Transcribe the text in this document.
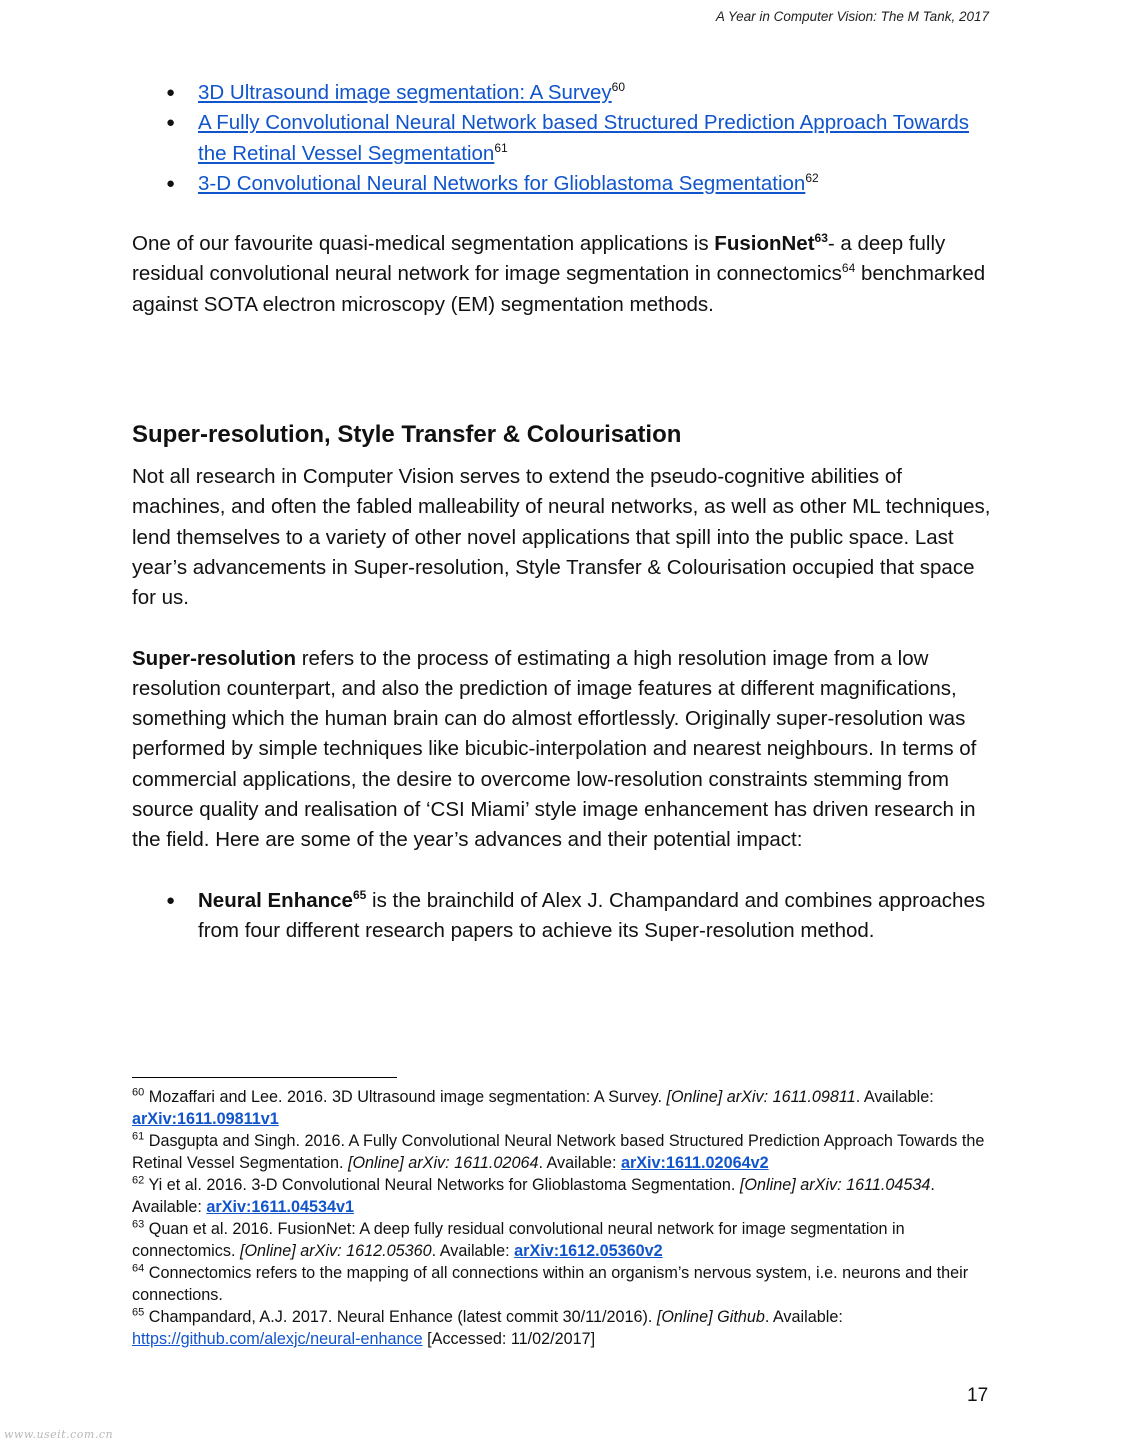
A Year in Computer Vision: The M Tank, 2017
● 3D Ultrasound image segmentation: A Survey$^{60}$
● A Fully Convolutional Neural Network based Structured Prediction Approach Towards the Retinal Vessel Segmentation$^{61}$
● 3-D Convolutional Neural Networks for Glioblastoma Segmentation$^{62}$

One of our favourite quasi-medical segmentation applications is FusionNet$^{63}$- a deep fully residual convolutional neural network for image segmentation in connectomics$^{64}$ benchmarked against SOTA electron microscopy (EM) segmentation methods.

Super-resolution, Style Transfer & Colourisation

Not all research in Computer Vision serves to extend the pseudo-cognitive abilities of machines, and often the fabled malleability of neural networks, as well as other ML techniques, lend themselves to a variety of other novel applications that spill into the public space. Last year’s advancements in Super-resolution, Style Transfer & Colourisation occupied that space for us.

Super-resolution refers to the process of estimating a high resolution image from a low resolution counterpart, and also the prediction of image features at different magnifications, something which the human brain can do almost effortlessly. Originally super-resolution was performed by simple techniques like bicubic-interpolation and nearest neighbours. In terms of commercial applications, the desire to overcome low-resolution constraints stemming from source quality and realisation of ‘CSI Miami’ style image enhancement has driven research in the field. Here are some of the year’s advances and their potential impact:

● Neural Enhance$^{65}$ is the brainchild of Alex J. Champandard and combines approaches from four different research papers to achieve its Super-resolution method.
$^{60}$ Mozaffari and Lee. 2016. 3D Ultrasound image segmentation: A Survey. [Online] arXiv: 1611.09811. Available: arXiv:1611.09811v1
$^{61}$ Dasgupta and Singh. 2016. A Fully Convolutional Neural Network based Structured Prediction Approach Towards the Retinal Vessel Segmentation. [Online] arXiv: 1611.02064. Available: arXiv:1611.02064v2
$^{62}$ Yi et al. 2016. 3-D Convolutional Neural Networks for Glioblastoma Segmentation. [Online] arXiv: 1611.04534. Available: arXiv:1611.04534v1
$^{63}$ Quan et al. 2016. FusionNet: A deep fully residual convolutional neural network for image segmentation in connectomics. [Online] arXiv: 1612.05360. Available: arXiv:1612.05360v2
$^{64}$ Connectomics refers to the mapping of all connections within an organism’s nervous system, i.e. neurons and their connections.
$^{65}$ Champandard, A.J. 2017. Neural Enhance (latest commit 30/11/2016). [Online] Github. Available: https://github.com/alexjc/neural-enhance [Accessed: 11/02/2017]
17
www.useit.com.cn
